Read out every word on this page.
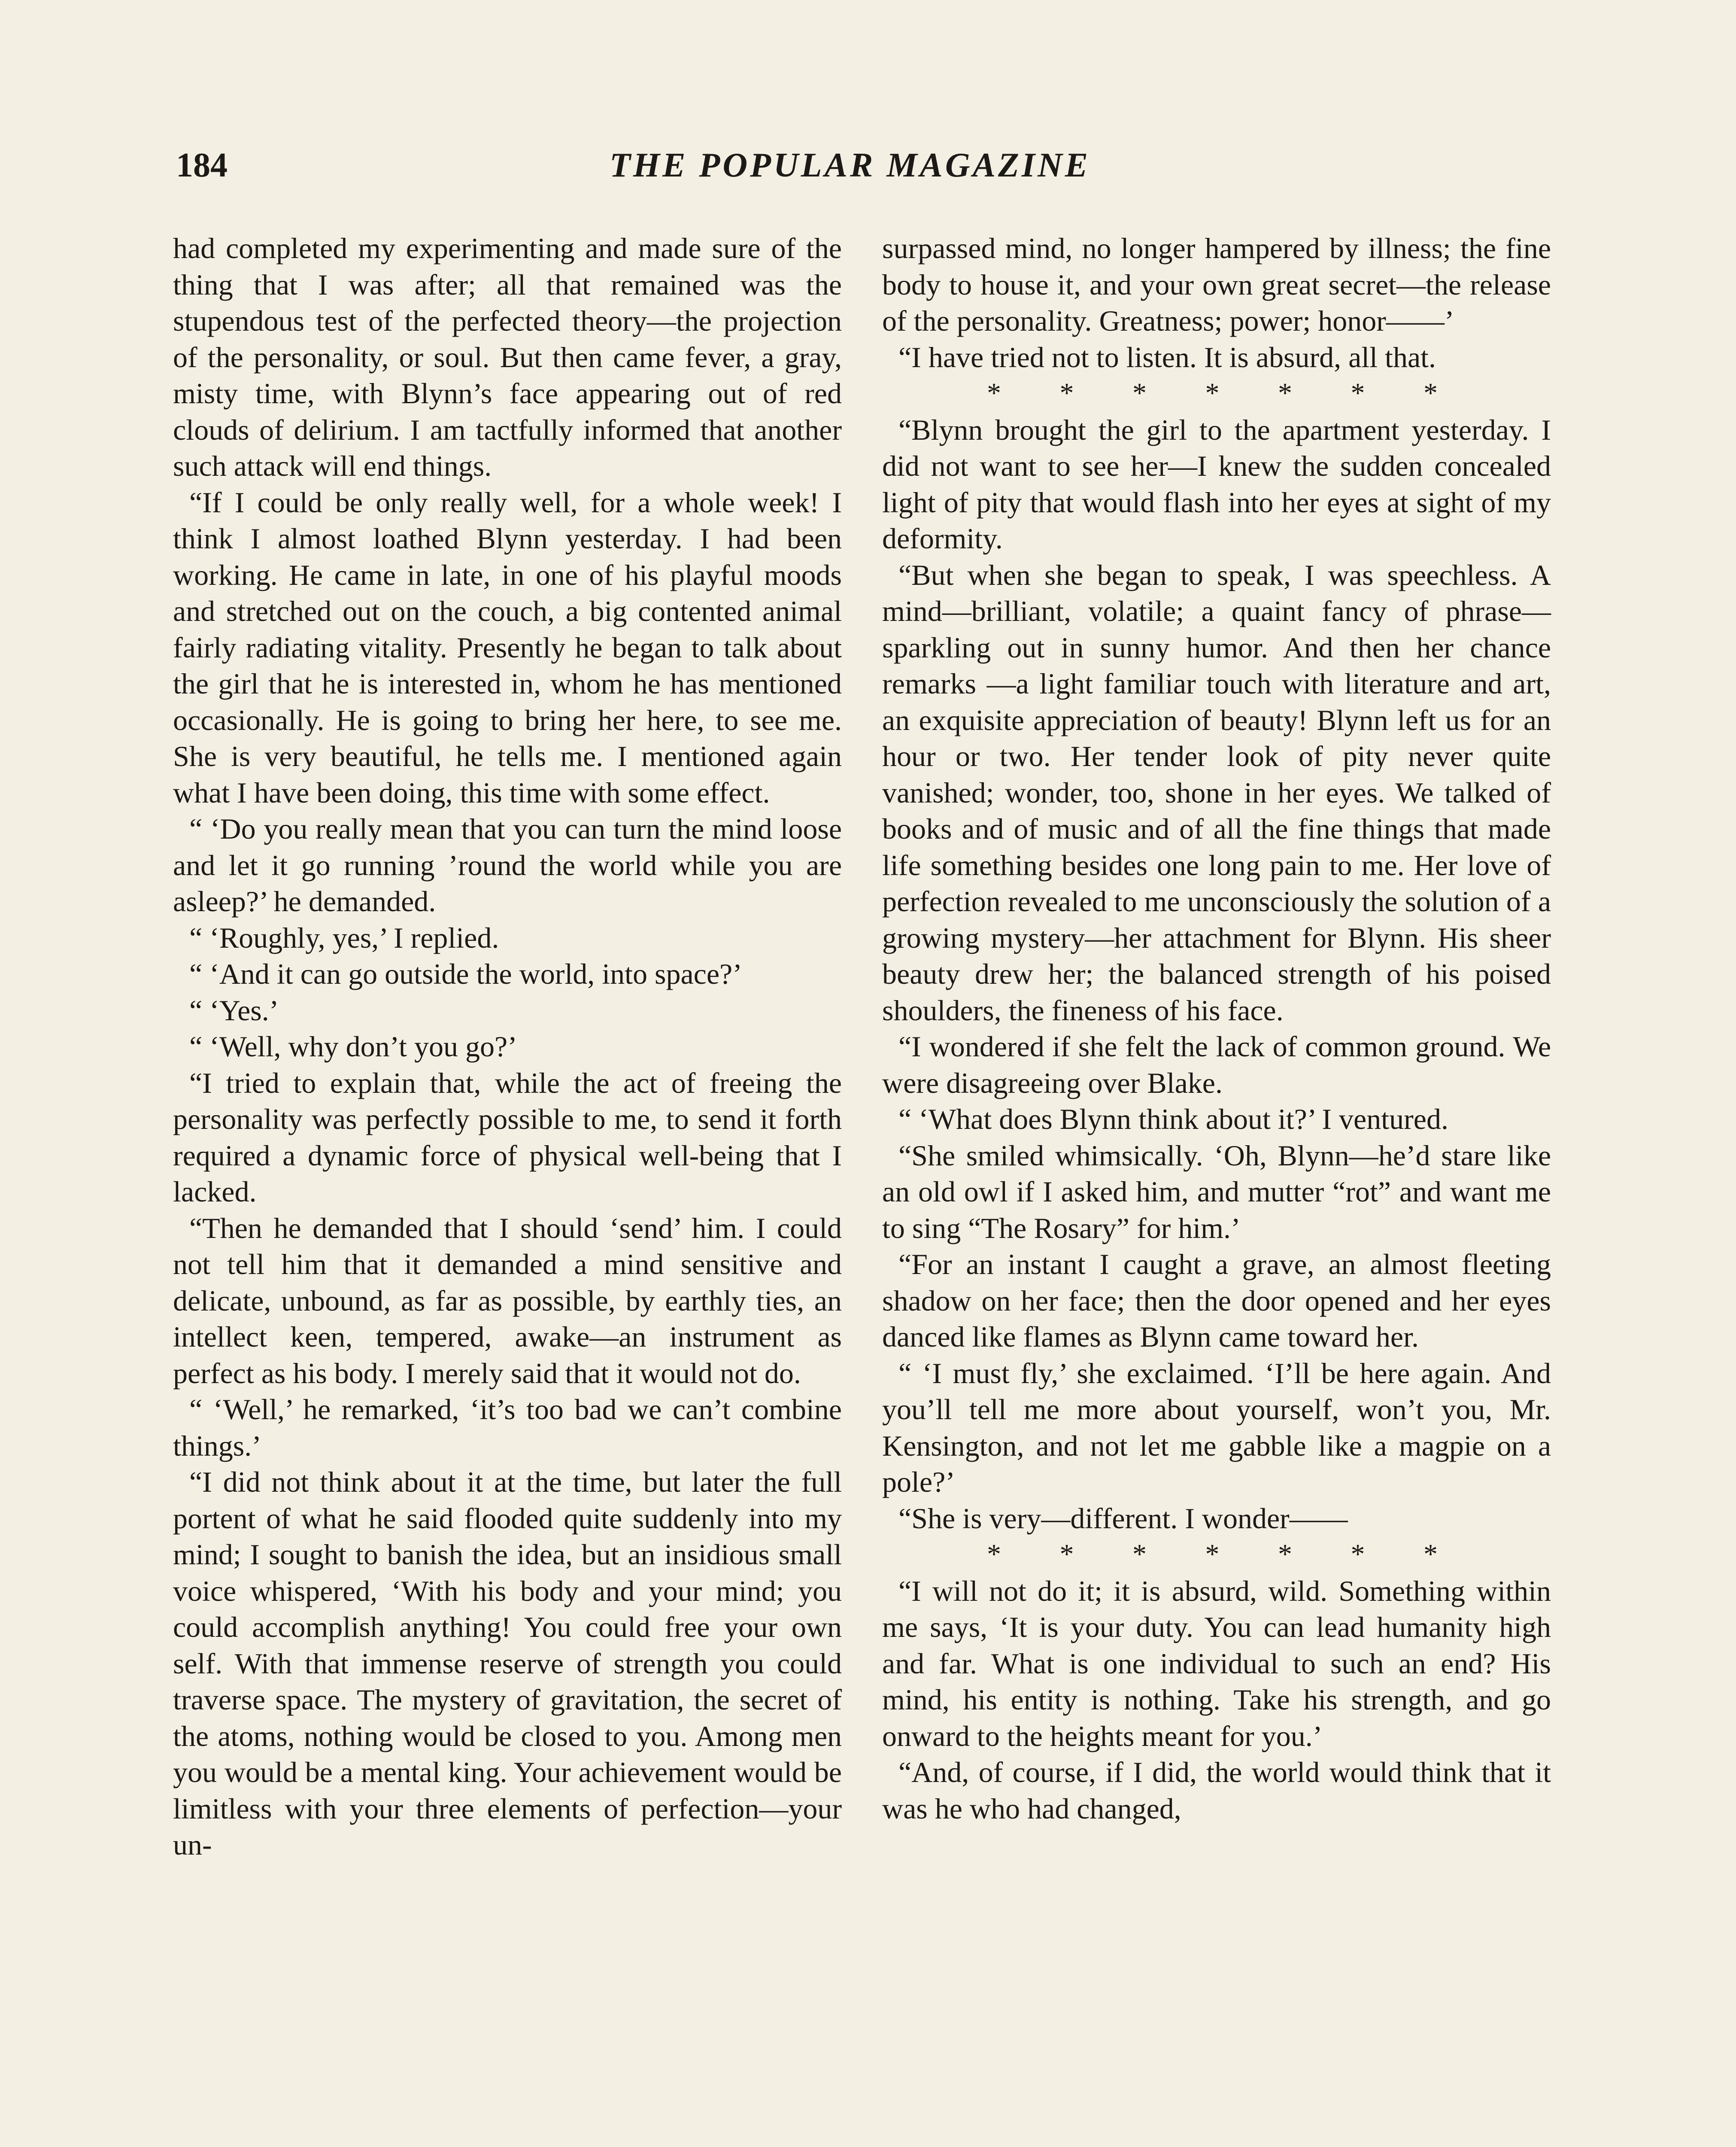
184	THE POPULAR MAGAZINE

had completed my experimenting and made sure of the thing that I was after; all that remained was the stupendous test of the perfected theory—the projection of the personality, or soul. But then came fever, a gray, misty time, with Blynn’s face appearing out of red clouds of delirium. I am tactfully informed that another such attack will end things.

“If I could be only really well, for a whole week! I think I almost loathed Blynn yesterday. I had been working. He came in late, in one of his playful moods and stretched out on the couch, a big contented animal fairly radiating vitality. Presently he began to talk about the girl that he is interested in, whom he has mentioned occasionally. He is going to bring her here, to see me. She is very beautiful, he tells me. I mentioned again what I have been doing, this time with some effect.

“ ‘Do you really mean that you can turn the mind loose and let it go running ’round the world while you are asleep?’ he demanded.

“ ‘Roughly, yes,’ I replied.

“ ‘And it can go outside the world, into space?’

“ ‘Yes.’

“ ‘Well, why don’t you go?’

“I tried to explain that, while the act of freeing the personality was perfectly possible to me, to send it forth required a dynamic force of physical well-being that I lacked.

“Then he demanded that I should ‘send’ him. I could not tell him that it demanded a mind sensitive and delicate, unbound, as far as possible, by earthly ties, an intellect keen, tempered, awake—an instrument as perfect as his body. I merely said that it would not do.

“ ‘Well,’ he remarked, ‘it’s too bad we can’t combine things.’

“I did not think about it at the time, but later the full portent of what he said flooded quite suddenly into my mind; I sought to banish the idea, but an insidious small voice whispered, ‘With his body and your mind; you could accomplish anything! You could free your own self. With that immense reserve of strength you could traverse space. The mystery of gravitation, the secret of the atoms, nothing would be closed to you. Among men you would be a mental king. Your achievement would be limitless with your three elements of perfection—your un-

surpassed mind, no longer hampered by illness; the fine body to house it, and your own great secret—the release of the personality. Greatness; power; honor——’

“I have tried not to listen. It is absurd, all that.

* * * * * * *

“Blynn brought the girl to the apartment yesterday. I did not want to see her—I knew the sudden concealed light of pity that would flash into her eyes at sight of my deformity.

“But when she began to speak, I was speechless. A mind—brilliant, volatile; a quaint fancy of phrase—sparkling out in sunny humor. And then her chance remarks —a light familiar touch with literature and art, an exquisite appreciation of beauty! Blynn left us for an hour or two. Her tender look of pity never quite vanished; wonder, too, shone in her eyes. We talked of books and of music and of all the fine things that made life something besides one long pain to me. Her love of perfection revealed to me unconsciously the solution of a growing mystery—her attachment for Blynn. His sheer beauty drew her; the balanced strength of his poised shoulders, the fineness of his face.

“I wondered if she felt the lack of common ground. We were disagreeing over Blake.

“ ‘What does Blynn think about it?’ I ventured.

“She smiled whimsically. ‘Oh, Blynn—he’d stare like an old owl if I asked him, and mutter “rot” and want me to sing “The Rosary” for him.’

“For an instant I caught a grave, an almost fleeting shadow on her face; then the door opened and her eyes danced like flames as Blynn came toward her.

“ ‘I must fly,’ she exclaimed. ‘I’ll be here again. And you’ll tell me more about yourself, won’t you, Mr. Kensington, and not let me gabble like a magpie on a pole?’

“She is very—different. I wonder——

* * * * * * *

“I will not do it; it is absurd, wild. Something within me says, ‘It is your duty. You can lead humanity high and far. What is one individual to such an end? His mind, his entity is nothing. Take his strength, and go onward to the heights meant for you.’

“And, of course, if I did, the world would think that it was he who had changed,
